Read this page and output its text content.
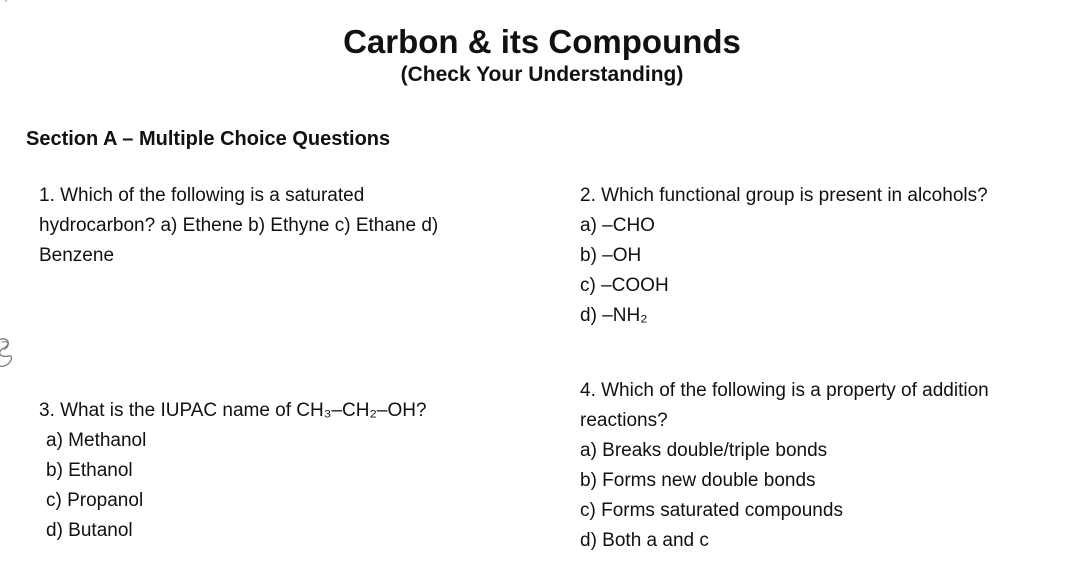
Carbon & its Compounds
(Check Your Understanding)
Section A – Multiple Choice Questions

1. Which of the following is a saturated hydrocarbon? a) Ethene b) Ethyne c) Ethane d) Benzene

2. Which functional group is present in alcohols?

a) –CHO

b) –OH

c) –COOH

d) –NH₂

3. What is the IUPAC name of CH₃–CH₂–OH?

a) Methanol

b) Ethanol

c) Propanol

d) Butanol

4. Which of the following is a property of addition reactions?

a) Breaks double/triple bonds

b) Forms new double bonds

c) Forms saturated compounds

d) Both a and c
